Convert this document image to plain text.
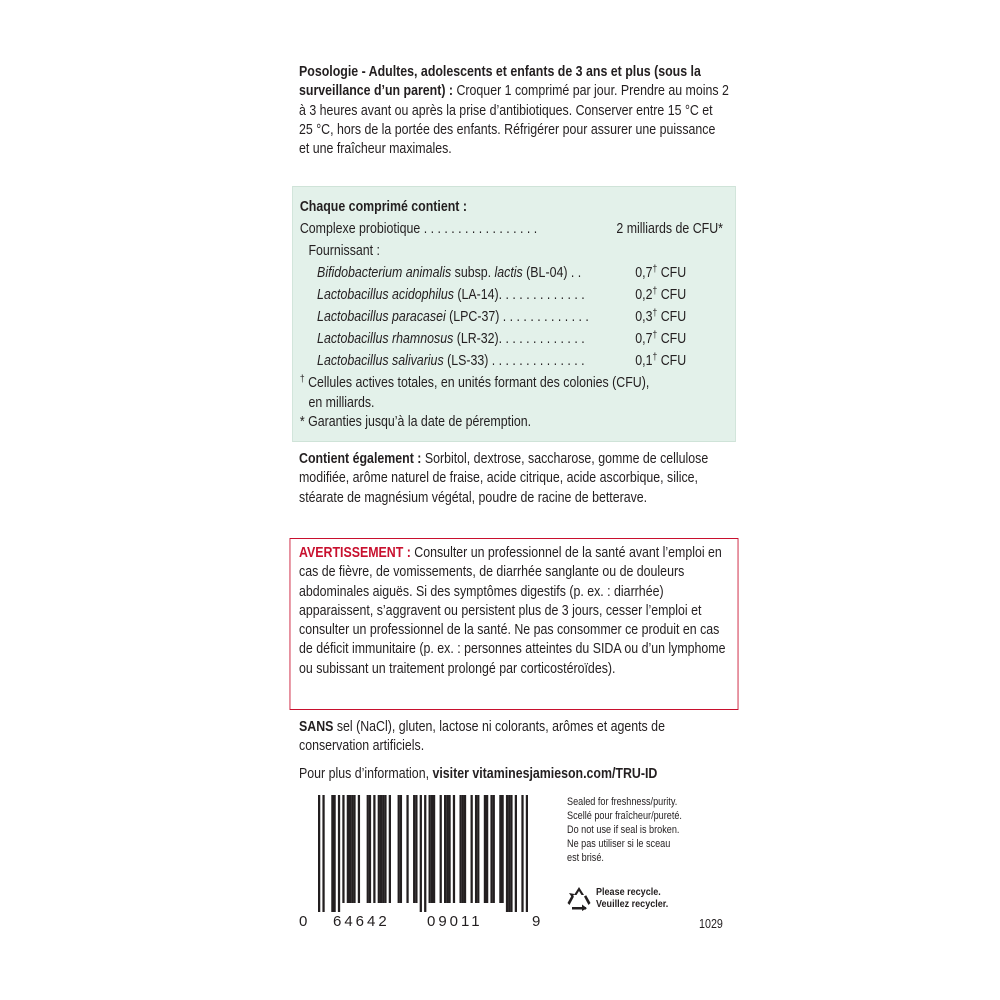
Posologie - Adultes, adolescents et enfants de 3 ans et plus (sous la surveillance d’un parent) : Croquer 1 comprimé par jour. Prendre au moins 2 à 3 heures avant ou après la prise d’antibiotiques. Conserver entre 15 °C et 25 °C, hors de la portée des enfants. Réfrigérer pour assurer une puissance et une fraîcheur maximales.

Chaque comprimé contient :
Complexe probiotique . . . . . . . . . . . . . . . . .	2 milliards de CFU*
Fournissant :
Bifidobacterium animalis subsp. lactis (BL-04) . .	0,7† CFU
Lactobacillus acidophilus (LA-14). . . . . . . . . . . . .	0,2† CFU
Lactobacillus paracasei (LPC-37) . . . . . . . . . . . . .	0,3† CFU
Lactobacillus rhamnosus (LR-32). . . . . . . . . . . . .	0,7† CFU
Lactobacillus salivarius (LS-33) . . . . . . . . . . . . . .	0,1† CFU
† Cellules actives totales, en unités formant des colonies (CFU),
en milliards.
* Garanties jusqu’à la date de péremption.

Contient également : Sorbitol, dextrose, saccharose, gomme de cellulose modifiée, arôme naturel de fraise, acide citrique, acide ascorbique, silice, stéarate de magnésium végétal, poudre de racine de betterave.

AVERTISSEMENT : Consulter un professionnel de la santé avant l’emploi en cas de fièvre, de vomissements, de diarrhée sanglante ou de douleurs abdominales aiguës. Si des symptômes digestifs (p. ex. : diarrhée) apparaissent, s’aggravent ou persistent plus de 3 jours, cesser l’emploi et consulter un professionnel de la santé. Ne pas consommer ce produit en cas de déficit immunitaire (p. ex. : personnes atteintes du SIDA ou d’un lymphome ou subissant un traitement prolongé par corticostéroïdes).

SANS sel (NaCl), gluten, lactose ni colorants, arômes et agents de conservation artificiels.

Pour plus d’information, visiter vitaminesjamieson.com/TRU-ID

0 64642 09011	9
Sealed for freshness/purity.
Scellé pour fraîcheur/pureté.
Do not use if seal is broken.
Ne pas utiliser si le sceau
est brisé.
Please recycle.
Veuillez recycler.
1029
